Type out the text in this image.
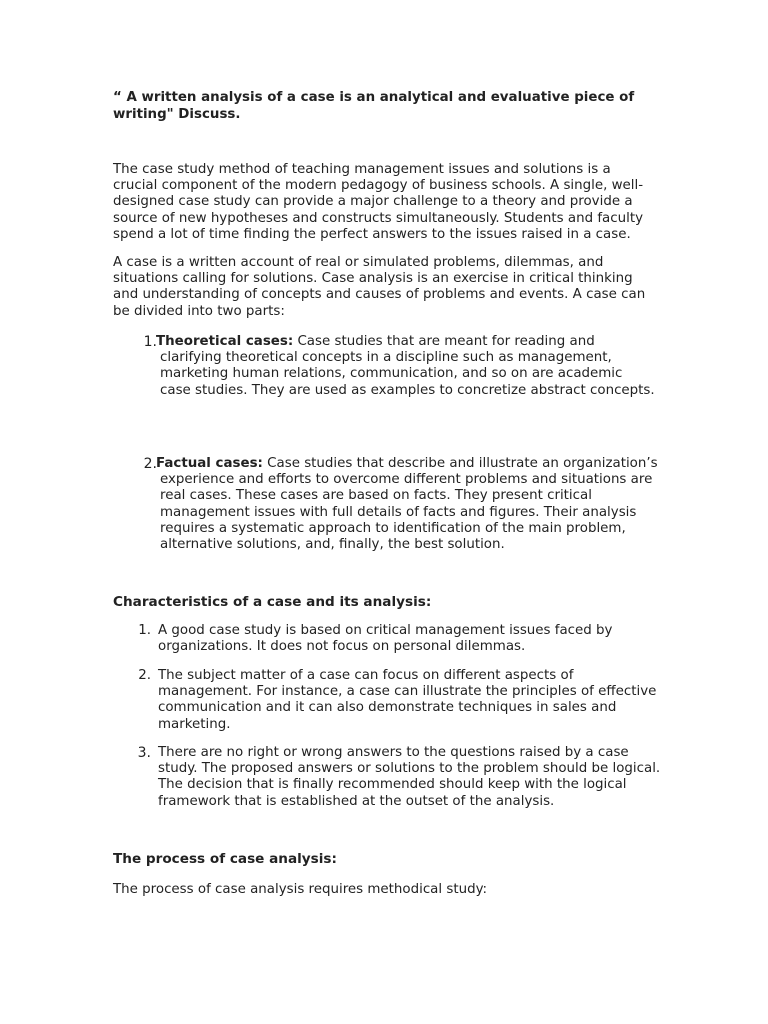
“ A written analysis of a case is an analytical and evaluative piece of writing" Discuss.

The case study method of teaching management issues and solutions is a crucial component of the modern pedagogy of business schools. A single, well-designed case study can provide a major challenge to a theory and provide a source of new hypotheses and constructs simultaneously. Students and faculty spend a lot of time finding the perfect answers to the issues raised in a case.

A case is a written account of real or simulated problems, dilemmas, and situations calling for solutions. Case analysis is an exercise in critical thinking and understanding of concepts and causes of problems and events. A case can be divided into two parts:

1. Theoretical cases: Case studies that are meant for reading and clarifying theoretical concepts in a discipline such as management, marketing human relations, communication, and so on are academic case studies. They are used as examples to concretize abstract concepts.
2. Factual cases: Case studies that describe and illustrate an organization’s experience and efforts to overcome different problems and situations are real cases. These cases are based on facts. They present critical management issues with full details of facts and figures. Their analysis requires a systematic approach to identification of the main problem, alternative solutions, and, finally, the best solution.

Characteristics of a case and its analysis:

1. A good case study is based on critical management issues faced by organizations. It does not focus on personal dilemmas.
2. The subject matter of a case can focus on different aspects of management. For instance, a case can illustrate the principles of effective communication and it can also demonstrate techniques in sales and marketing.
3. There are no right or wrong answers to the questions raised by a case study. The proposed answers or solutions to the problem should be logical. The decision that is finally recommended should keep with the logical framework that is established at the outset of the analysis.

The process of case analysis:

The process of case analysis requires methodical study:
